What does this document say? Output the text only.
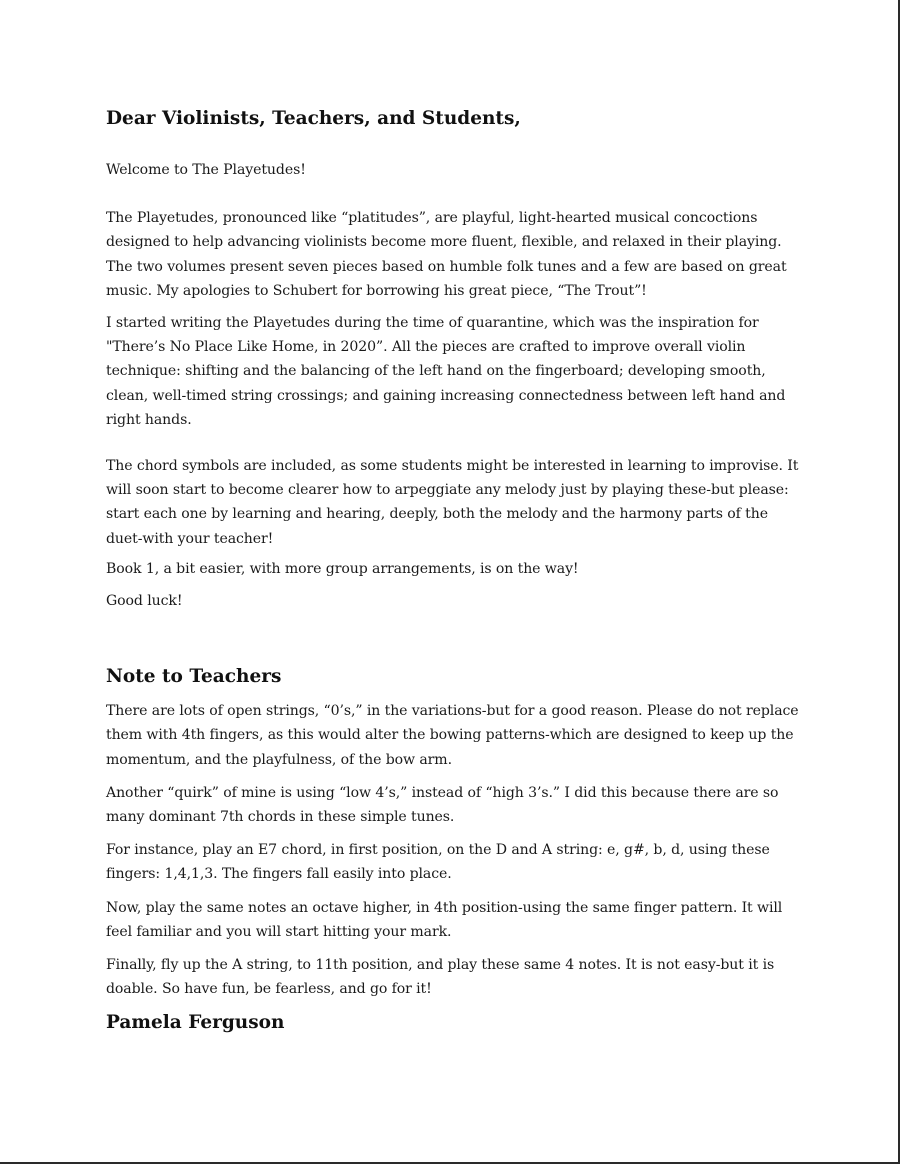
Dear Violinists, Teachers, and Students,

Welcome to The Playetudes!

The Playetudes, pronounced like “platitudes”, are playful, light-hearted musical concoctions designed to help advancing violinists become more fluent, flexible, and relaxed in their playing. The two volumes present seven pieces based on humble folk tunes and a few are based on great music. My apologies to Schubert for borrowing his great piece, “The Trout”!

I started writing the Playetudes during the time of quarantine, which was the inspiration for "There’s No Place Like Home, in 2020”. All the pieces are crafted to improve overall violin technique: shifting and the balancing of the left hand on the fingerboard; developing smooth, clean, well-timed string crossings; and gaining increasing connectedness between left hand and right hands.

The chord symbols are included, as some students might be interested in learning to improvise. It will soon start to become clearer how to arpeggiate any melody just by playing these-but please: start each one by learning and hearing, deeply, both the melody and the harmony parts of the duet-with your teacher!

Book 1, a bit easier, with more group arrangements, is on the way!

Good luck!

Note to Teachers

There are lots of open strings, “0’s,” in the variations-but for a good reason. Please do not replace them with 4th fingers, as this would alter the bowing patterns-which are designed to keep up the momentum, and the playfulness, of the bow arm.

Another “quirk” of mine is using “low 4’s,” instead of “high 3’s.” I did this because there are so many dominant 7th chords in these simple tunes.

For instance, play an E7 chord, in first position, on the D and A string: e, g#, b, d, using these fingers: 1,4,1,3. The fingers fall easily into place.

Now, play the same notes an octave higher, in 4th position-using the same finger pattern. It will feel familiar and you will start hitting your mark.

Finally, fly up the A string, to 11th position, and play these same 4 notes. It is not easy-but it is doable. So have fun, be fearless, and go for it!

Pamela Ferguson
